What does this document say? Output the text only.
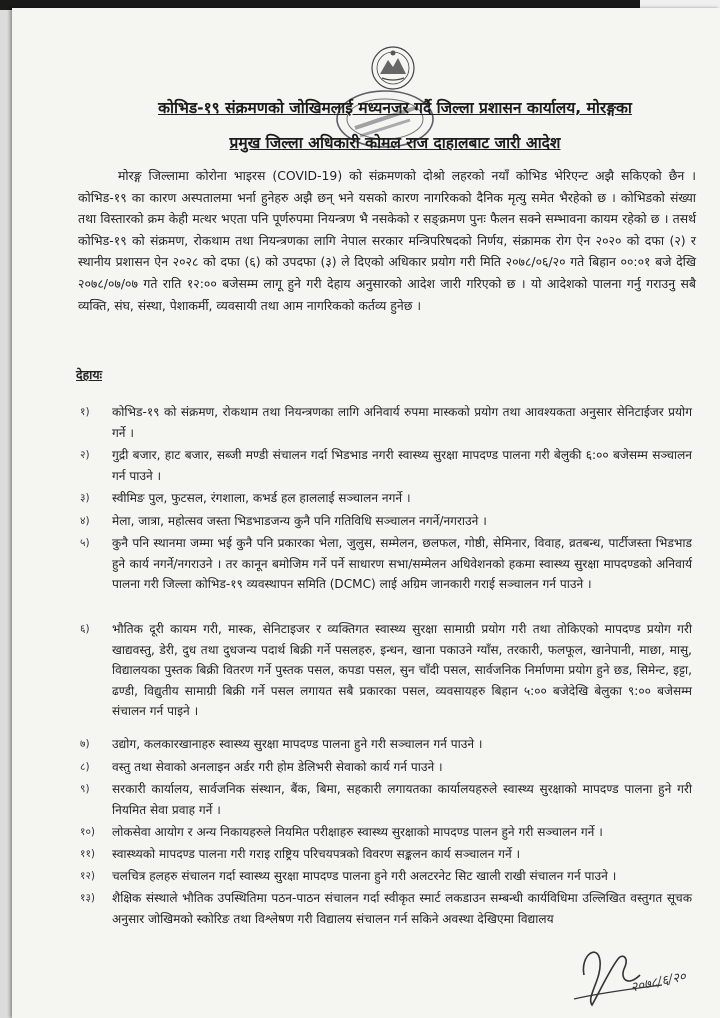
कोभिड-१९ संक्रमणको जोखिमलाई मध्यनजर गर्दै जिल्ला प्रशासन कार्यालय, मोरङ्गका
प्रमुख जिल्ला अधिकारी कोमल राज दाहालबाट जारी आदेश

मोरङ्ग जिल्लामा कोरोना भाइरस (COVID-19) को संक्रमणको दोश्रो लहरको नयाँ कोभिड भेरिएन्ट अझै सकिएको छैन । कोभिड-१९ का कारण अस्पतालमा भर्ना हुनेहरु अझै छन् भने यसको कारण नागरिकको दैनिक मृत्यु समेत भैरहेको छ । कोभिडको संख्या तथा विस्तारको क्रम केही मत्थर भएता पनि पूर्णरुपमा नियन्त्रण भै नसकेको र सङ्क्रमण पुनः फैलन सक्ने सम्भावना कायम रहेको छ । तसर्थ कोभिड-१९ को संक्रमण, रोकथाम तथा नियन्त्रणका लागि नेपाल सरकार मन्त्रिपरिषदको निर्णय, संक्रामक रोग ऐन २०२० को दफा (२) र स्थानीय प्रशासन ऐन २०२८ को दफा (६) को उपदफा (३) ले दिएको अधिकार प्रयोग गरी मिति २०७८/०६/२० गते बिहान ००:०१ बजे देखि २०७८/०७/०७ गते राति १२:०० बजेसम्म लागू हुने गरी देहाय अनुसारको आदेश जारी गरिएको छ । यो आदेशको पालना गर्नु गराउनु सबै व्यक्ति, संघ, संस्था, पेशाकर्मी, व्यवसायी तथा आम नागरिकको कर्तव्य हुनेछ ।

देहायः
१)	कोभिड-१९ को संक्रमण, रोकथाम तथा नियन्त्रणका लागि अनिवार्य रुपमा मास्कको प्रयोग तथा आवश्यकता अनुसार सेनिटाईजर प्रयोग गर्ने ।
२)	गुद्री बजार, हाट बजार, सब्जी मण्डी संचालन गर्दा भिडभाड नगरी स्वास्थ्य सुरक्षा मापदण्ड पालना गरी बेलुकी ६:०० बजेसम्म सञ्चालन गर्न पाउने ।
३)	स्वीमिङ पुल, फुटसल, रंगशाला, कभर्ड हल हाललाई सञ्चालन नगर्ने ।
४)	मेला, जात्रा, महोत्सव जस्ता भिडभाडजन्य कुनै पनि गतिविधि सञ्चालन नगर्ने/नगराउने ।
५)	कुनै पनि स्थानमा जम्मा भई कुनै पनि प्रकारका भेला, जुलुस, सम्मेलन, छलफल, गोष्ठी, सेमिनार, विवाह, व्रतबन्ध, पार्टीजस्ता भिडभाड हुने कार्य नगर्ने/नगराउने । तर कानून बमोजिम गर्ने पर्ने साधारण सभा/सम्मेलन अधिवेशनको हकमा स्वास्थ्य सुरक्षा मापदण्डको अनिवार्य पालना गरी जिल्ला कोभिड-१९ व्यवस्थापन समिति (DCMC) लाई अग्रिम जानकारी गराई सञ्चालन गर्न पाउने ।
६)	भौतिक दूरी कायम गरी, मास्क, सेनिटाइजर र व्यक्तिगत स्वास्थ्य सुरक्षा सामाग्री प्रयोग गरी तथा तोकिएको मापदण्ड प्रयोग गरी खाद्यवस्तु, डेरी, दुध तथा दुधजन्य पदार्थ बिक्री गर्ने पसलहरु, इन्धन, खाना पकाउने ग्याँस, तरकारी, फलफूल, खानेपानी, माछा, मासु, विद्यालयका पुस्तक बिक्री वितरण गर्ने पुस्तक पसल, कपडा पसल, सुन चाँदी पसल, सार्वजनिक निर्माणमा प्रयोग हुने छड, सिमेन्ट, इट्टा, ढण्डी, विद्युतीय सामाग्री बिक्री गर्ने पसल लगायत सबै प्रकारका पसल, व्यवसायहरु बिहान ५:०० बजेदेखि बेलुका ९:०० बजेसम्म संचालन गर्न पाइने ।
७)	उद्योग, कलकारखानाहरु स्वास्थ्य सुरक्षा मापदण्ड पालना हुने गरी सञ्चालन गर्न पाउने ।
८)	वस्तु तथा सेवाको अनलाइन अर्डर गरी होम डेलिभरी सेवाको कार्य गर्न पाउने ।
९)	सरकारी कार्यालय, सार्वजनिक संस्थान, बैंक, बिमा, सहकारी लगायतका कार्यालयहरुले स्वास्थ्य सुरक्षाको मापदण्ड पालना हुने गरी नियमित सेवा प्रवाह गर्ने ।
१०)	लोकसेवा आयोग र अन्य निकायहरुले नियमित परीक्षाहरु स्वास्थ्य सुरक्षाको मापदण्ड पालन हुने गरी सञ्चालन गर्ने ।
११)	स्वास्थ्यको मापदण्ड पालना गरी गराइ राष्ट्रिय परिचयपत्रको विवरण सङ्कलन कार्य सञ्चालन गर्ने ।
१२)	चलचित्र हलहरु संचालन गर्दा स्वास्थ्य सुरक्षा मापदण्ड पालना हुने गरी अलटरनेट सिट खाली राखी संचालन गर्न पाउने ।
१३)	शैक्षिक संस्थाले भौतिक उपस्थितिमा पठन-पाठन संचालन गर्दा स्वीकृत स्मार्ट लकडाउन सम्बन्धी कार्यविधिमा उल्लिखित वस्तुगत सूचक अनुसार जोखिमको स्कोरिङ तथा विश्लेषण गरी विद्यालय संचालन गर्न सकिने अवस्था देखिएमा विद्यालय
२०७८/६/२०
